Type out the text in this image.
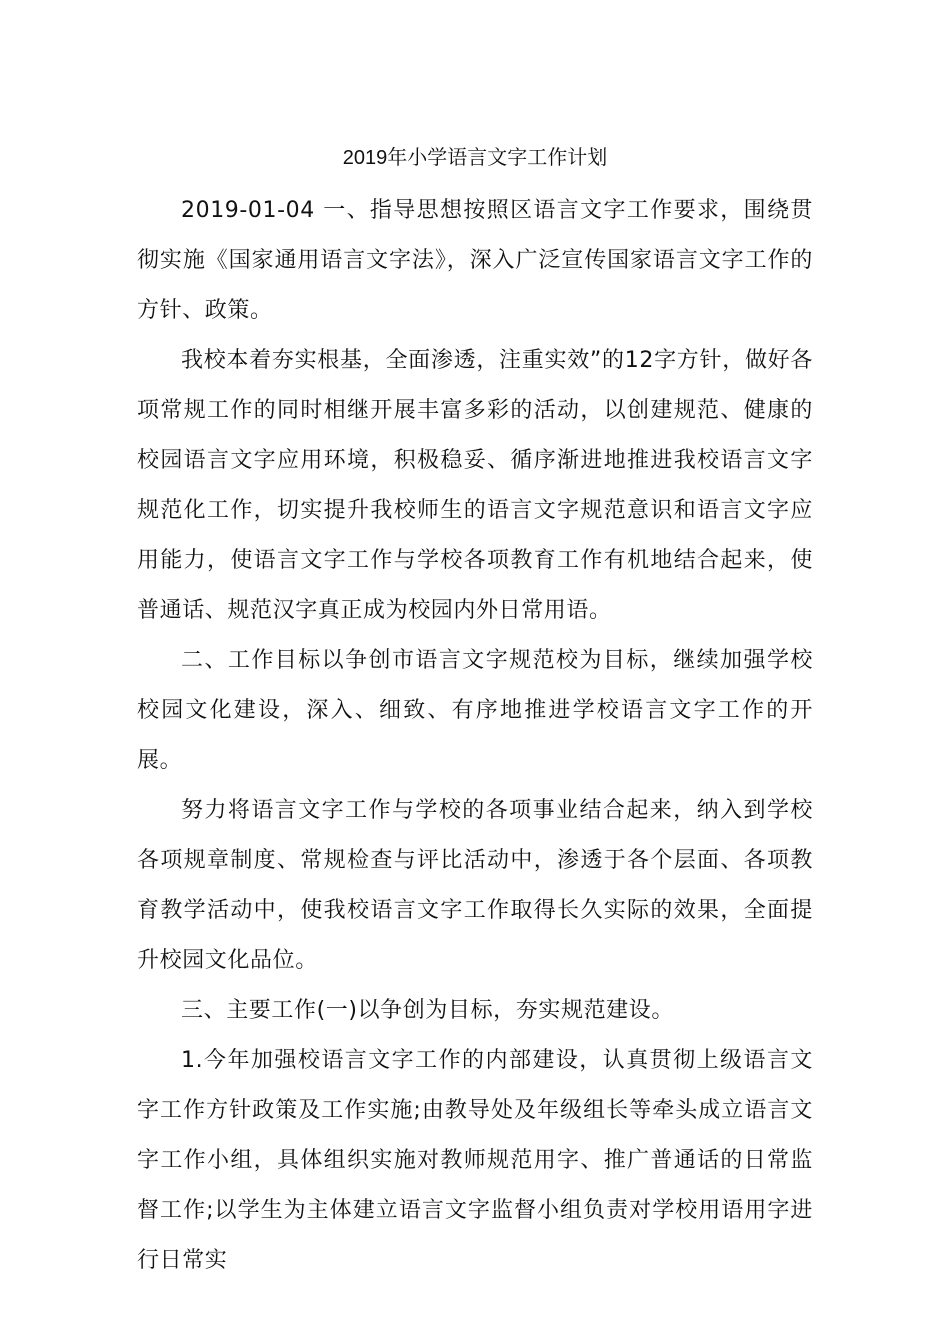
2019年小学语言文字工作计划

2019-01-04 一、指导思想按照区语言文字工作要求，围绕贯彻实施《国家通用语言文字法》，深入广泛宣传国家语言文字工作的方针、政策。

我校本着夯实根基，全面渗透，注重实效”的12字方针，做好各项常规工作的同时相继开展丰富多彩的活动，以创建规范、健康的校园语言文字应用环境，积极稳妥、循序渐进地推进我校语言文字规范化工作，切实提升我校师生的语言文字规范意识和语言文字应用能力，使语言文字工作与学校各项教育工作有机地结合起来，使普通话、规范汉字真正成为校园内外日常用语。

二、工作目标以争创市语言文字规范校为目标，继续加强学校校园文化建设，深入、细致、有序地推进学校语言文字工作的开展。

努力将语言文字工作与学校的各项事业结合起来，纳入到学校各项规章制度、常规检查与评比活动中，渗透于各个层面、各项教育教学活动中，使我校语言文字工作取得长久实际的效果，全面提升校园文化品位。

三、主要工作(一)以争创为目标，夯实规范建设。

1.今年加强校语言文字工作的内部建设，认真贯彻上级语言文字工作方针政策及工作实施;由教导处及年级组长等牵头成立语言文字工作小组，具体组织实施对教师规范用字、推广普通话的日常监督工作;以学生为主体建立语言文字监督小组负责对学校用语用字进行日常实
